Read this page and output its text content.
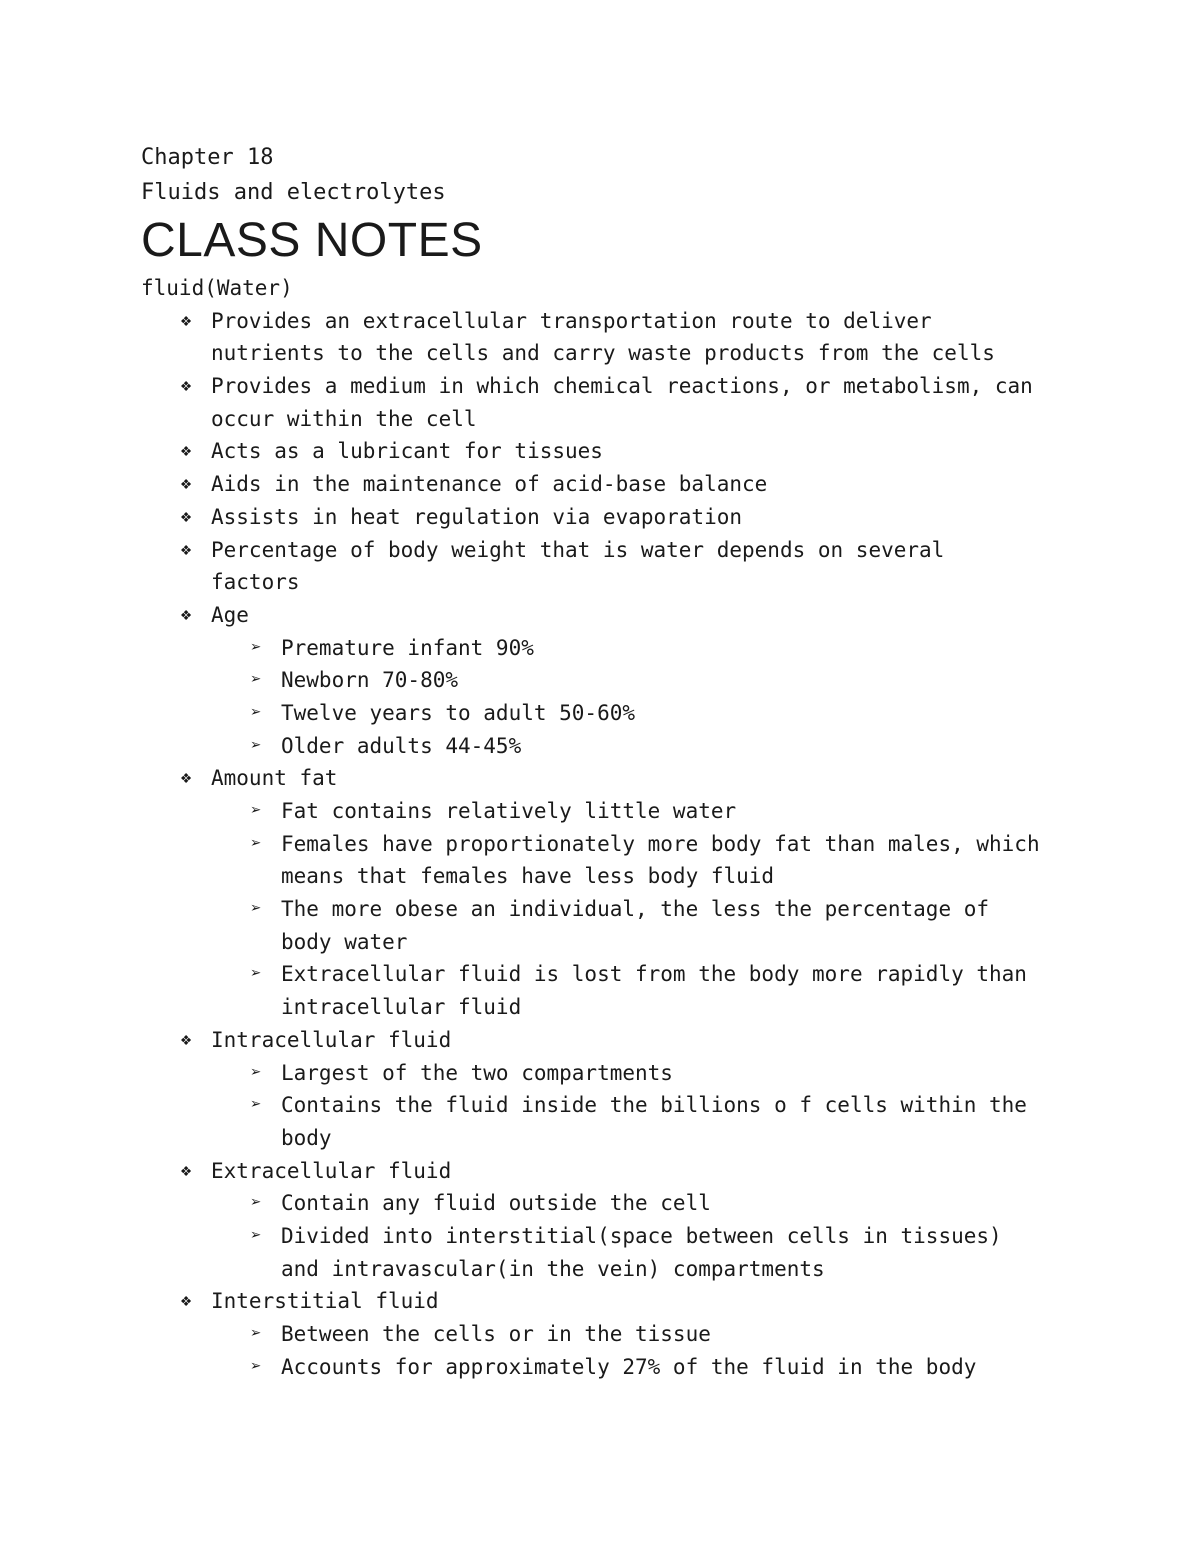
Chapter 18
Fluids and electrolytes
CLASS NOTES
fluid(Water)
❖ Provides an extracellular transportation route to deliver
nutrients to the cells and carry waste products from the cells
❖ Provides a medium in which chemical reactions, or metabolism, can
occur within the cell
❖ Acts as a lubricant for tissues
❖ Aids in the maintenance of acid-base balance
❖ Assists in heat regulation via evaporation
❖ Percentage of body weight that is water depends on several
factors
❖ Age
➢ Premature infant 90%
➢ Newborn 70-80%
➢ Twelve years to adult 50-60%
➢ Older adults 44-45%
❖ Amount fat
➢ Fat contains relatively little water
➢ Females have proportionately more body fat than males, which
means that females have less body fluid
➢ The more obese an individual, the less the percentage of
body water
➢ Extracellular fluid is lost from the body more rapidly than
intracellular fluid
❖ Intracellular fluid
➢ Largest of the two compartments
➢ Contains the fluid inside the billions o f cells within the
body
❖ Extracellular fluid
➢ Contain any fluid outside the cell
➢ Divided into interstitial(space between cells in tissues)
and intravascular(in the vein) compartments
❖ Interstitial fluid
➢ Between the cells or in the tissue
➢ Accounts for approximately 27% of the fluid in the body
